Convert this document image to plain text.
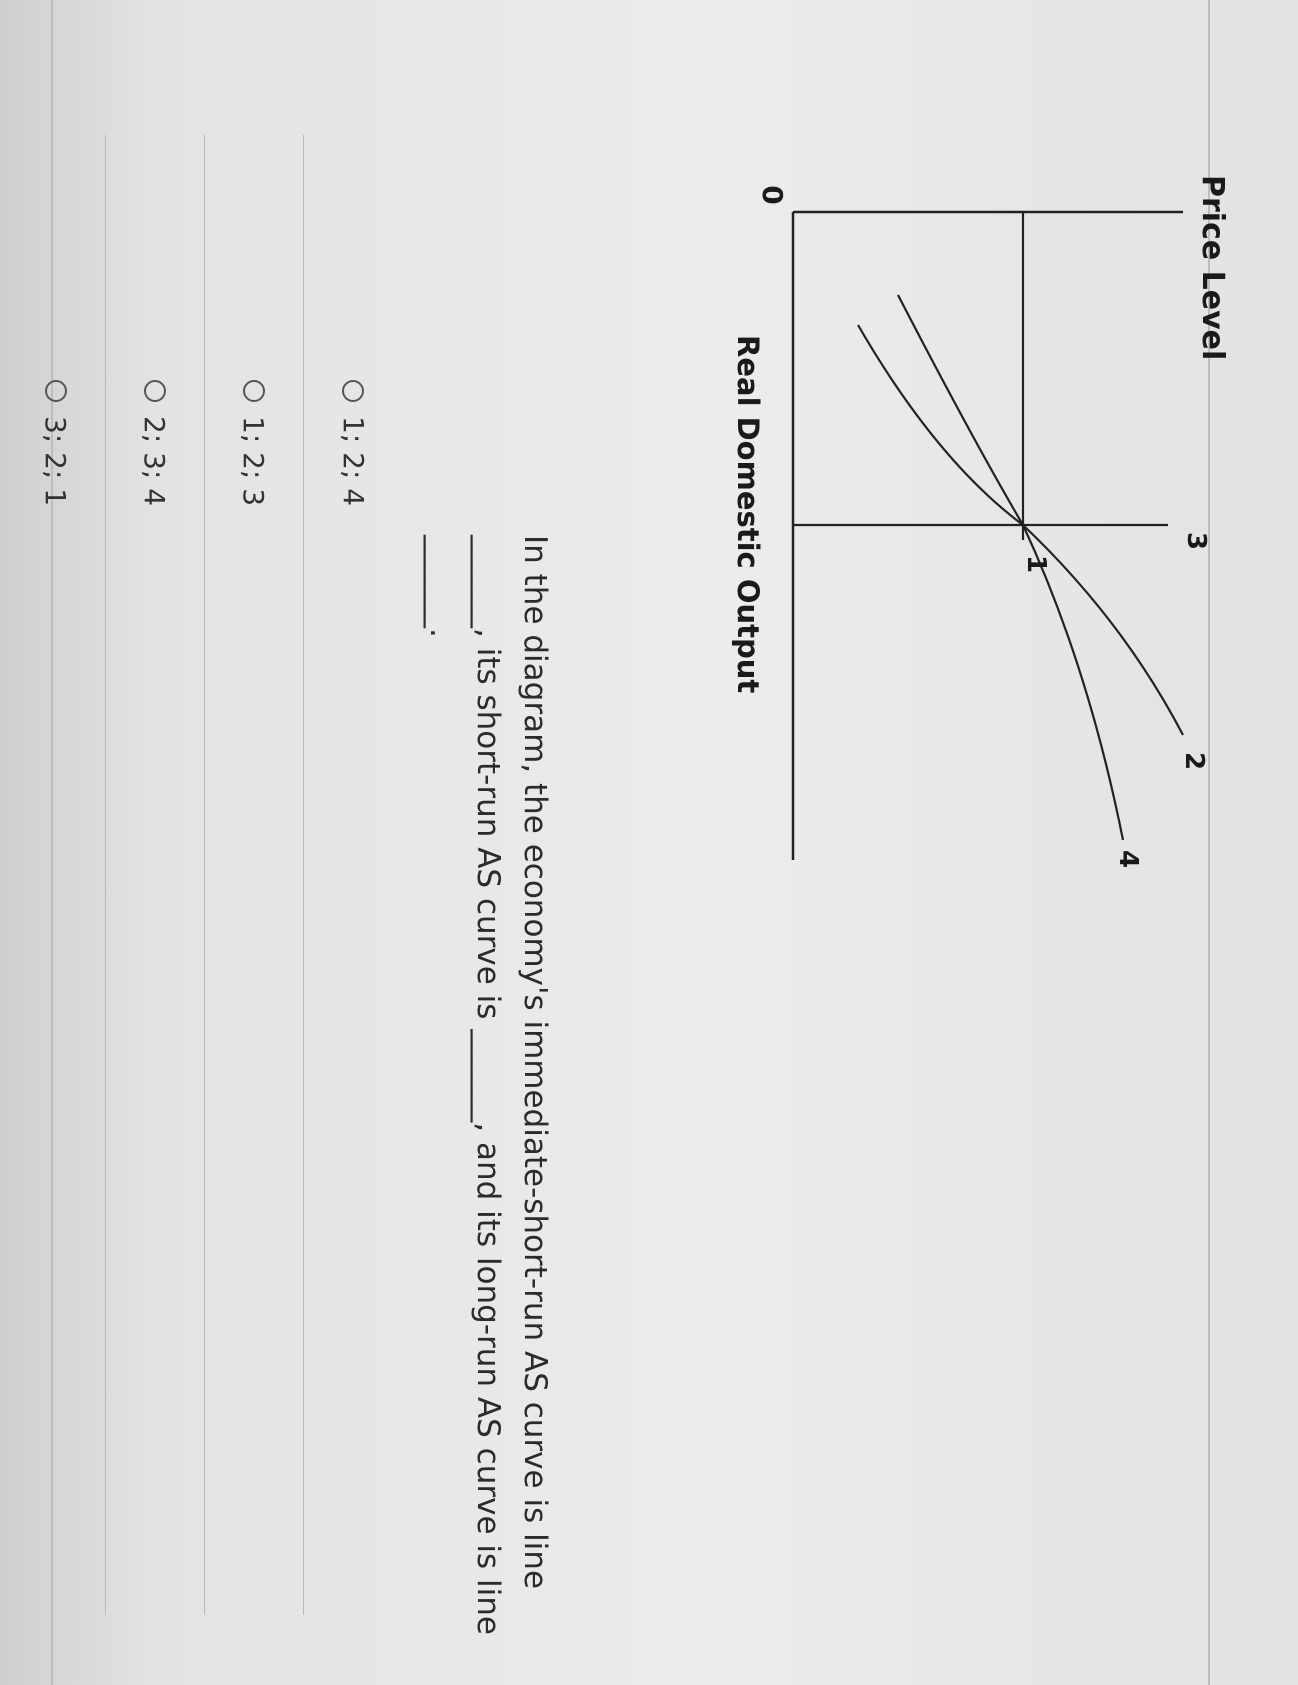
Price Level
Real Domestic Output
0
1
2
3
4

In the diagram, the economy's immediate-short-run AS curve is line ______, its short-run AS curve is ______, and its long-run AS curve is line ______.

1; 2; 4
1; 2; 3
2; 3; 4
3; 2; 1
